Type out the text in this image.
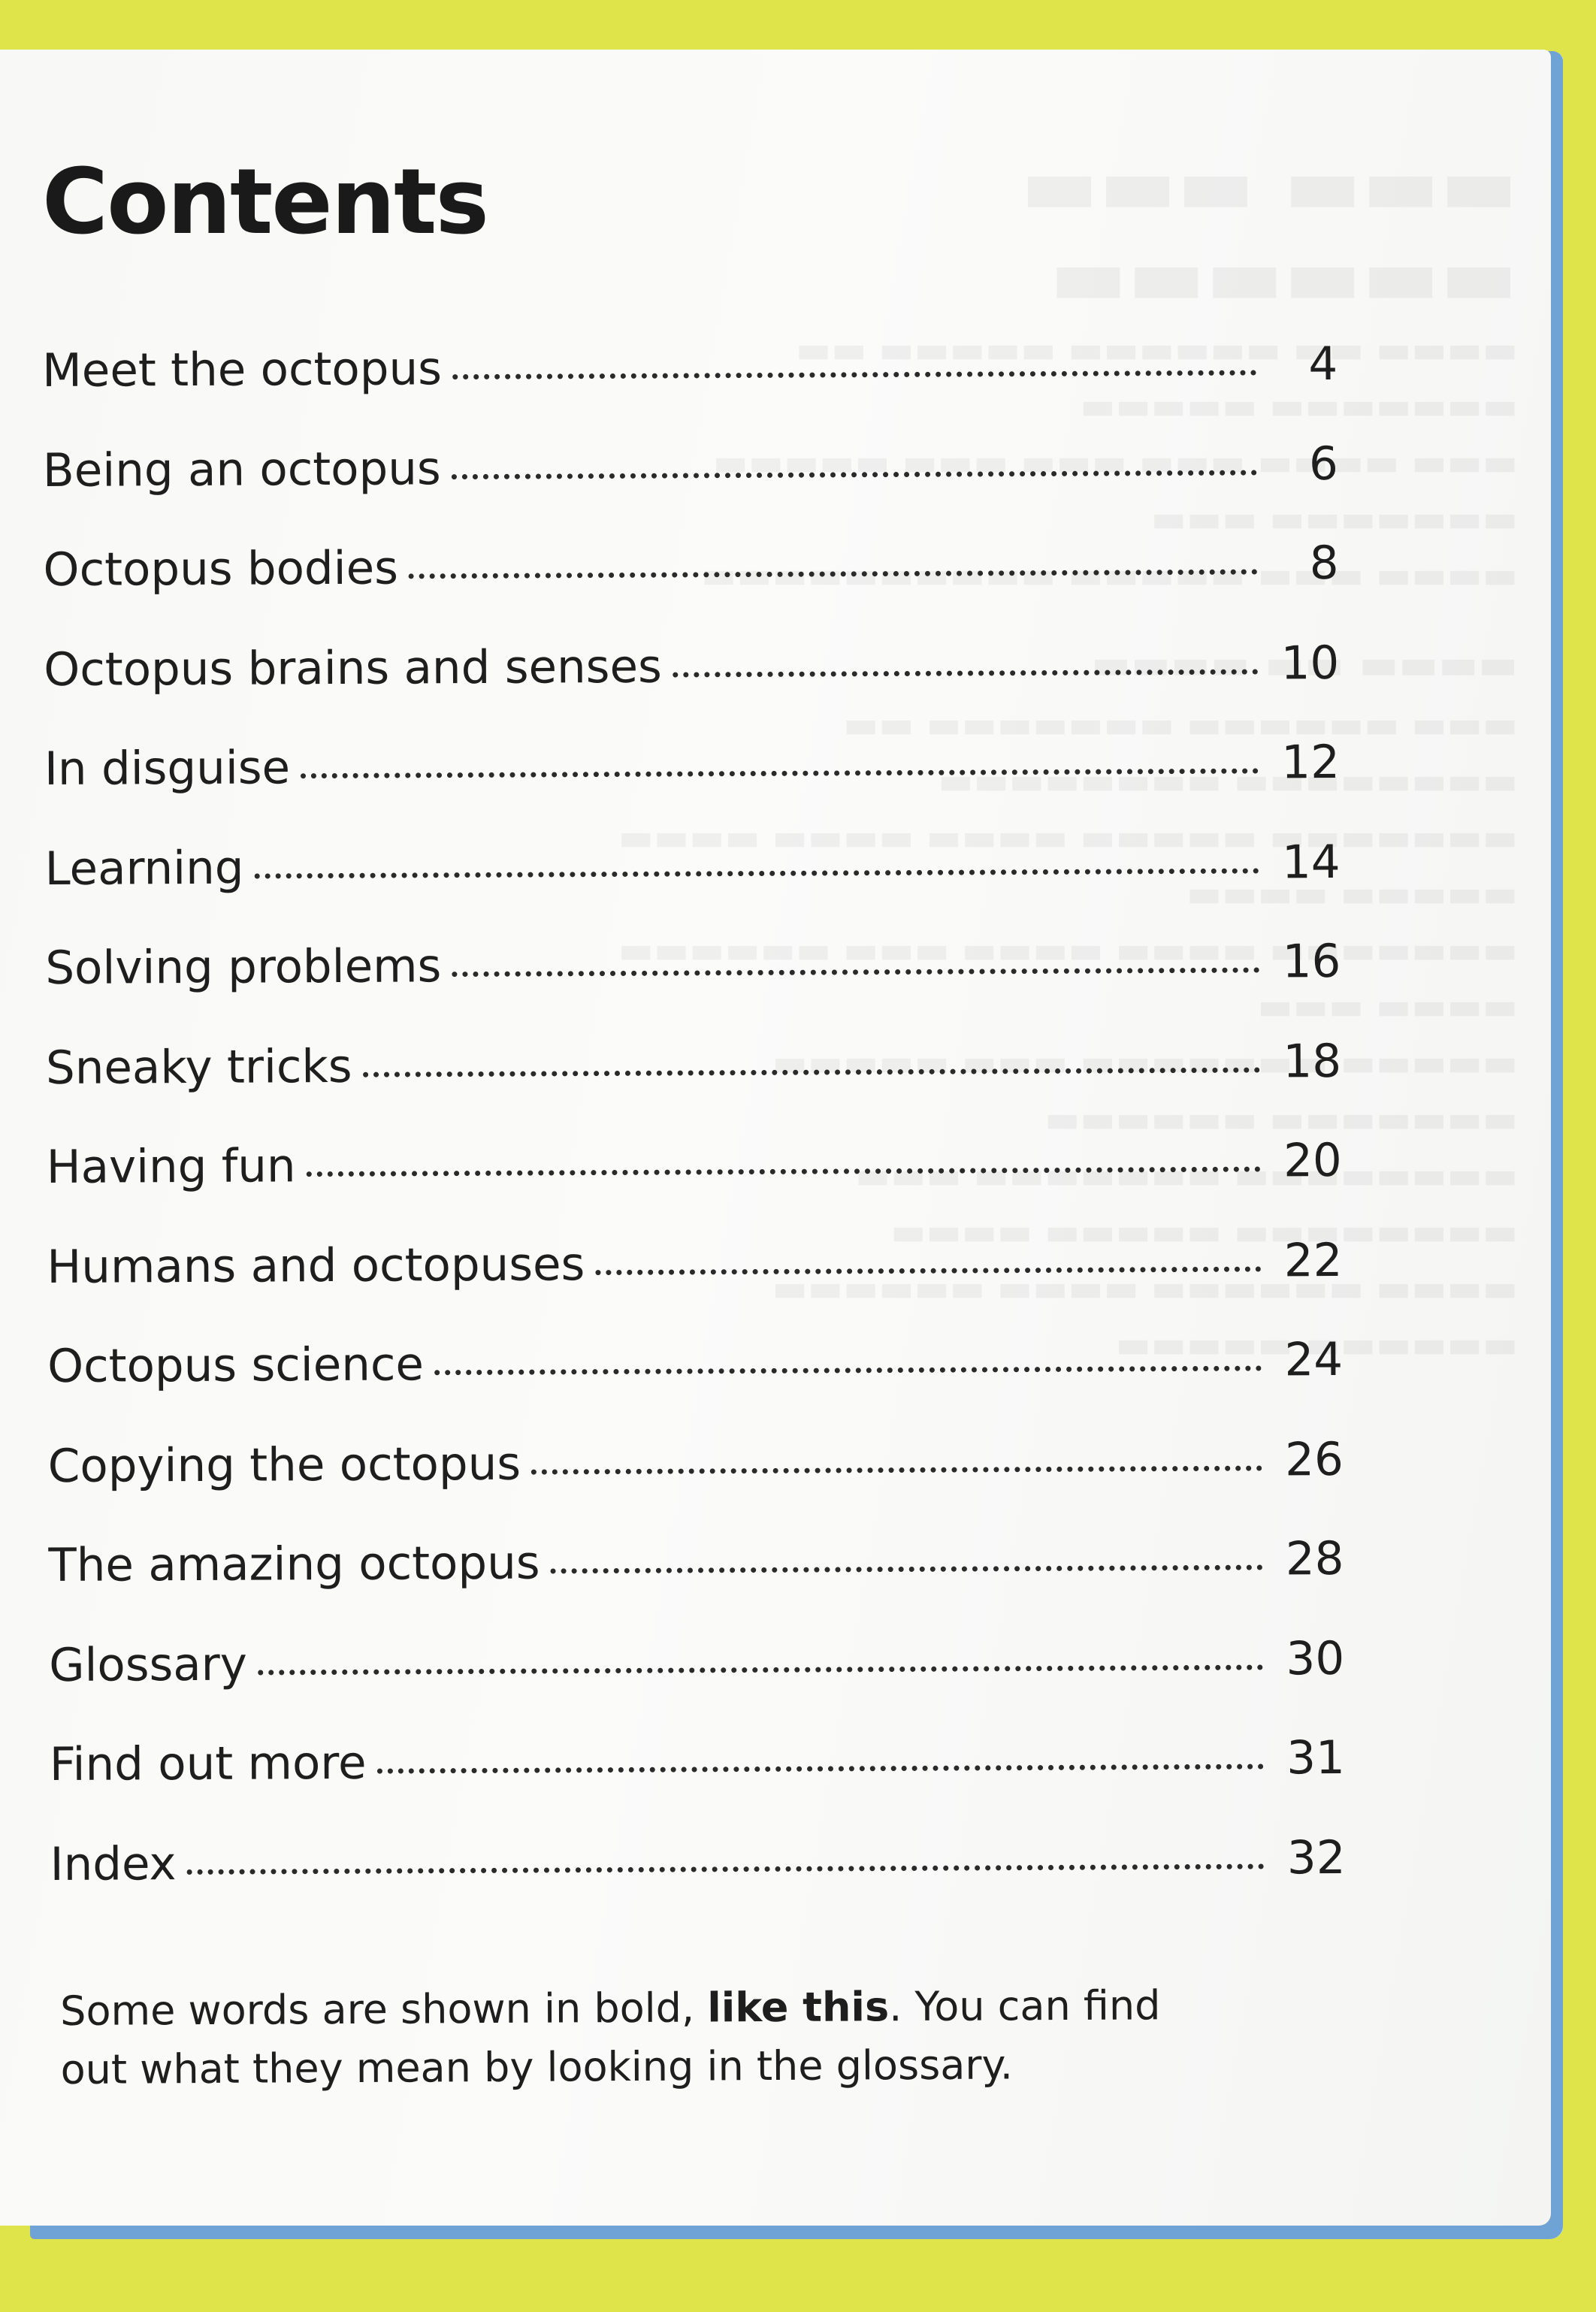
Contents
Meet the octopus	4
Being an octopus	6
Octopus bodies	8
Octopus brains and senses	10
In disguise	12
Learning	14
Solving problems	16
Sneaky tricks	18
Having fun	20
Humans and octopuses	22
Octopus science	24
Copying the octopus	26
The amazing octopus	28
Glossary	30
Find out more	31
Index	32

Some words are shown in bold, like this. You can find out what they mean by looking in the glossary.
